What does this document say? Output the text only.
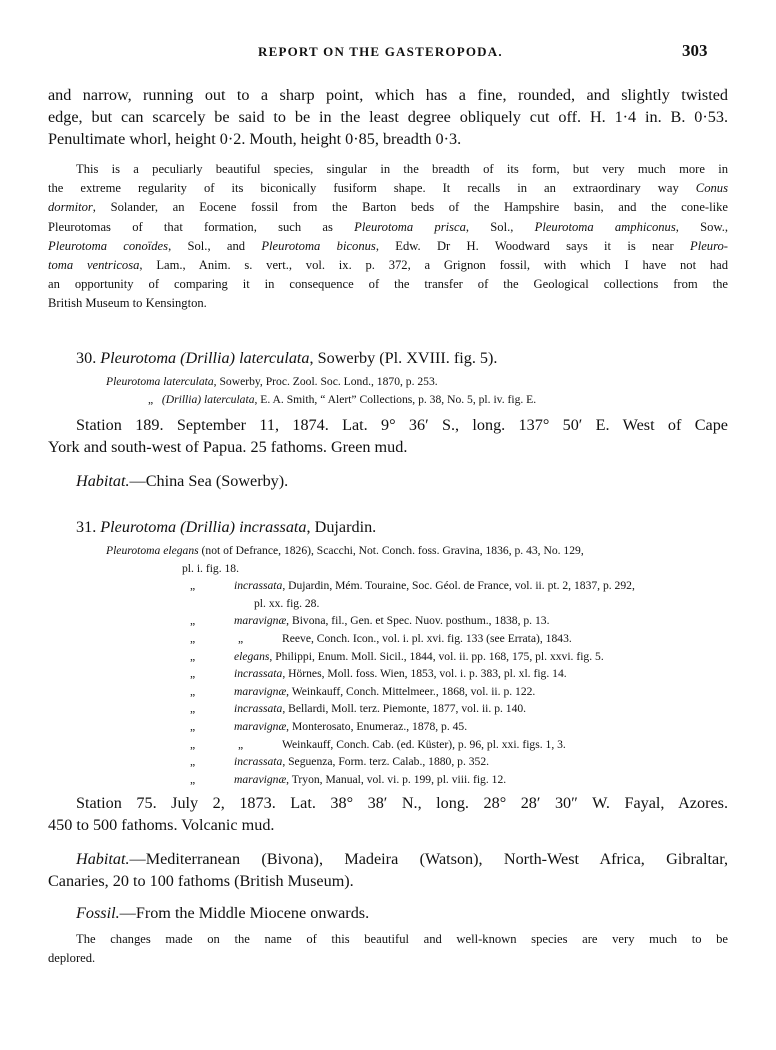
REPORT ON THE GASTEROPODA.	303
and narrow, running out to a sharp point, which has a fine, rounded, and slightly twisted
edge, but can scarcely be said to be in the least degree obliquely cut off. H. 1·4 in. B. 0·53.
Penultimate whorl, height 0·2. Mouth, height 0·85, breadth 0·3.
This is a peculiarly beautiful species, singular in the breadth of its form, but very much more in
the extreme regularity of its biconically fusiform shape. It recalls in an extraordinary way Conus
dormitor, Solander, an Eocene fossil from the Barton beds of the Hampshire basin, and the cone-like
Pleurotomas of that formation, such as Pleurotoma prisca, Sol., Pleurotoma amphiconus, Sow.,
Pleurotoma conoïdes, Sol., and Pleurotoma biconus, Edw. Dr H. Woodward says it is near Pleuro-
toma ventricosa, Lam., Anim. s. vert., vol. ix. p. 372, a Grignon fossil, with which I have not had
an opportunity of comparing it in consequence of the transfer of the Geological collections from the
British Museum to Kensington.
30. Pleurotoma (Drillia) laterculata, Sowerby (Pl. XVIII. fig. 5).
Pleurotoma laterculata, Sowerby, Proc. Zool. Soc. Lond., 1870, p. 253.
„ (Drillia) laterculata, E. A. Smith, “ Alert” Collections, p. 38, No. 5, pl. iv. fig. E.
Station 189. September 11, 1874. Lat. 9° 36′ S., long. 137° 50′ E. West of Cape
York and south-west of Papua. 25 fathoms. Green mud.
Habitat.—China Sea (Sowerby).
31. Pleurotoma (Drillia) incrassata, Dujardin.
Pleurotoma elegans (not of Defrance, 1826), Scacchi, Not. Conch. foss. Gravina, 1836, p. 43, No. 129,
pl. i. fig. 18.
„	incrassata, Dujardin, Mém. Touraine, Soc. Géol. de France, vol. ii. pt. 2, 1837, p. 292,
pl. xx. fig. 28.
„	maravignæ, Bivona, fil., Gen. et Spec. Nuov. posthum., 1838, p. 13.
„	„	Reeve, Conch. Icon., vol. i. pl. xvi. fig. 133 (see Errata), 1843.
„	elegans, Philippi, Enum. Moll. Sicil., 1844, vol. ii. pp. 168, 175, pl. xxvi. fig. 5.
„	incrassata, Hörnes, Moll. foss. Wien, 1853, vol. i. p. 383, pl. xl. fig. 14.
„	maravignæ, Weinkauff, Conch. Mittelmeer., 1868, vol. ii. p. 122.
„	incrassata, Bellardi, Moll. terz. Piemonte, 1877, vol. ii. p. 140.
„	maravignæ, Monterosato, Enumeraz., 1878, p. 45.
„	„	Weinkauff, Conch. Cab. (ed. Küster), p. 96, pl. xxi. figs. 1, 3.
„	incrassata, Seguenza, Form. terz. Calab., 1880, p. 352.
„	maravignæ, Tryon, Manual, vol. vi. p. 199, pl. viii. fig. 12.
Station 75. July 2, 1873. Lat. 38° 38′ N., long. 28° 28′ 30″ W. Fayal, Azores.
450 to 500 fathoms. Volcanic mud.
Habitat.—Mediterranean (Bivona), Madeira (Watson), North-West Africa, Gibraltar,
Canaries, 20 to 100 fathoms (British Museum).
Fossil.—From the Middle Miocene onwards.
The changes made on the name of this beautiful and well-known species are very much to be
deplored.
